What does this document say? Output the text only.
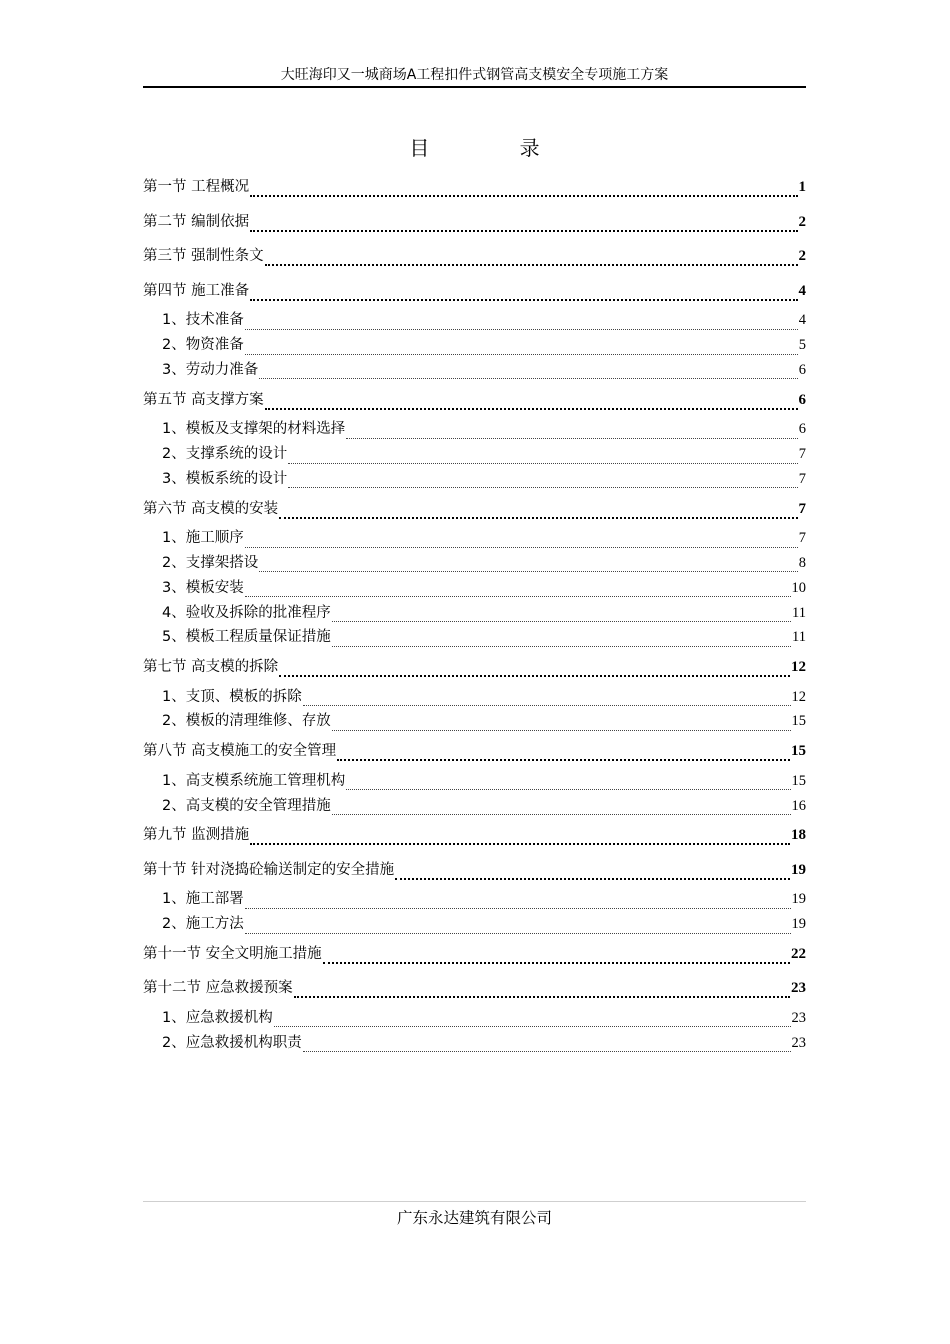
大旺海印又一城商场A工程扣件式钢管高支模安全专项施工方案
目 录
第一节 工程概况	1
第二节 编制依据	2
第三节 强制性条文	2
第四节 施工准备	4
1、技术准备	4
2、物资准备	5
3、劳动力准备	6
第五节 高支撑方案	6
1、模板及支撑架的材料选择	6
2、支撑系统的设计	7
3、模板系统的设计	7
第六节 高支模的安装	7
1、施工顺序	7
2、支撑架搭设	8
3、模板安装	10
4、验收及拆除的批准程序	11
5、模板工程质量保证措施	11
第七节 高支模的拆除	12
1、支顶、模板的拆除	12
2、模板的清理维修、存放	15
第八节 高支模施工的安全管理	15
1、高支模系统施工管理机构	15
2、高支模的安全管理措施	16
第九节 监测措施	18
第十节 针对浇捣砼输送制定的安全措施	19
1、施工部署	19
2、施工方法	19
第十一节 安全文明施工措施	22
第十二节 应急救援预案	23
1、应急救援机构	23
2、应急救援机构职责	23
广东永达建筑有限公司
